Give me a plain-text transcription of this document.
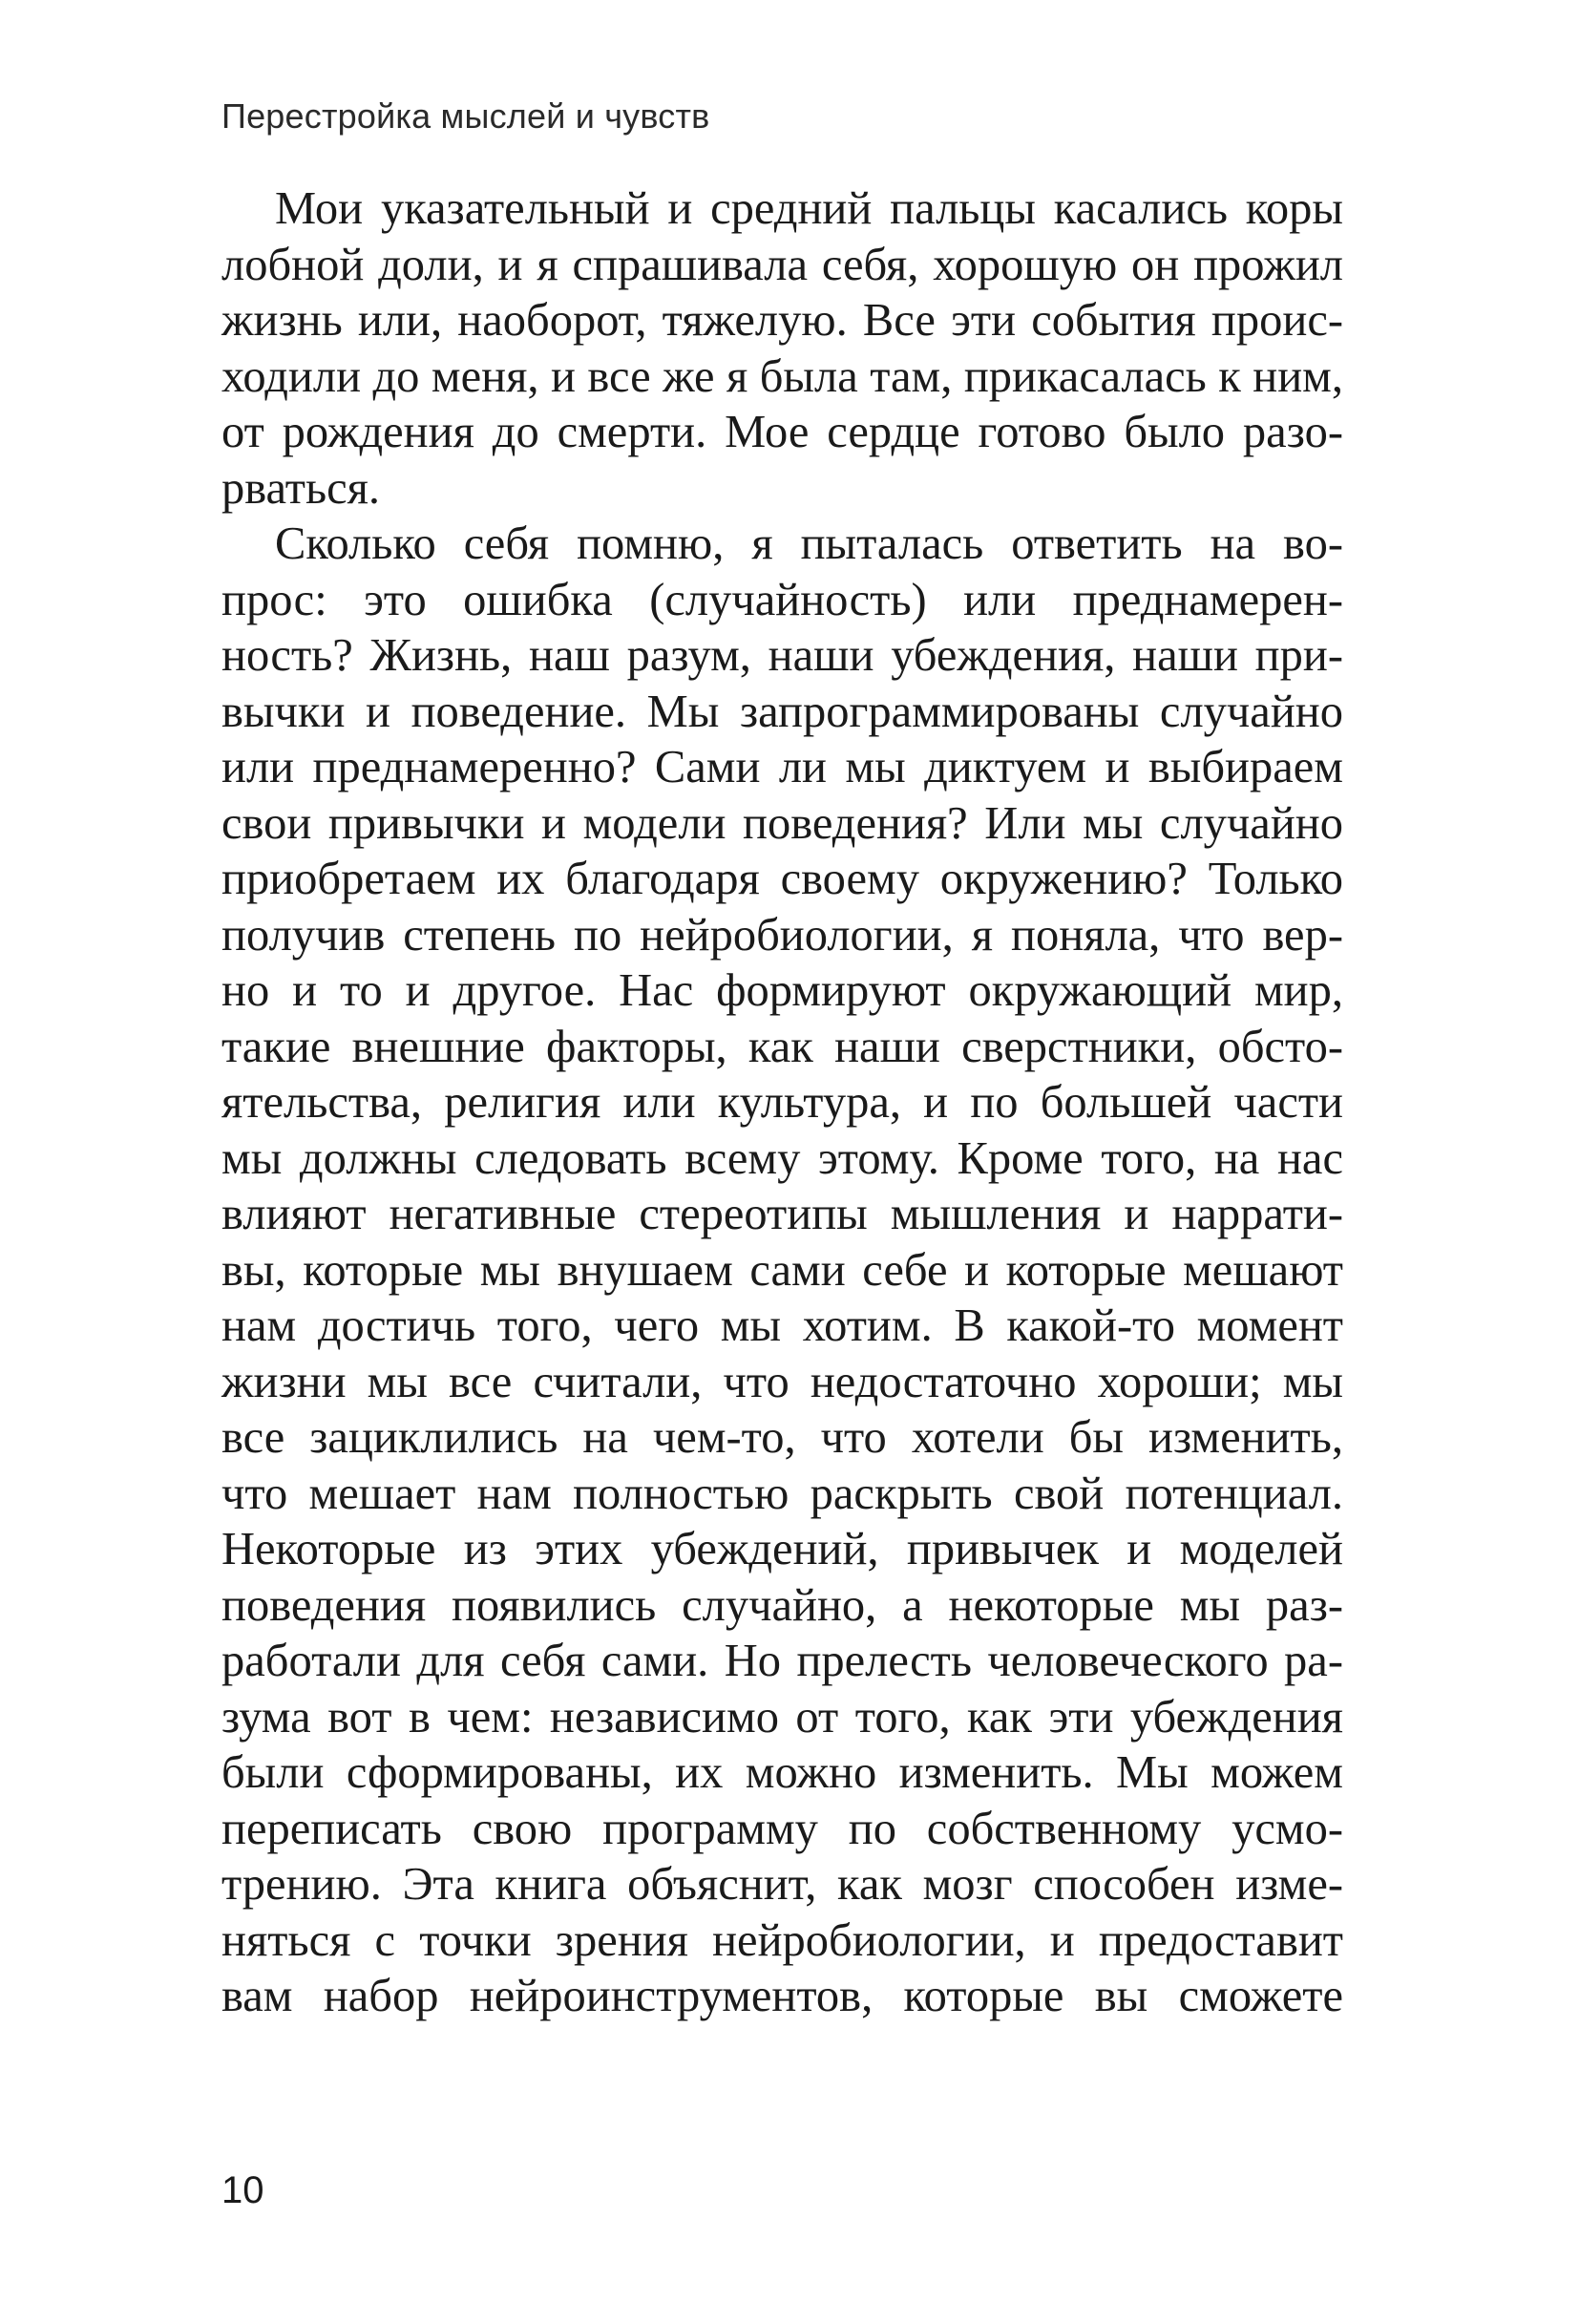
Перестройка мыслей и чувств
Мои указательный и средний пальцы касались коры
лобной доли, и я спрашивала себя, хорошую он прожил
жизнь или, наоборот, тяжелую. Все эти события проис-
ходили до меня, и все же я была там, прикасалась к ним,
от рождения до смерти. Мое сердце готово было разо-
рваться.
Сколько себя помню, я пыталась ответить на во-
прос: это ошибка (случайность) или преднамерен-
ность? Жизнь, наш разум, наши убеждения, наши при-
вычки и поведение. Мы запрограммированы случайно
или преднамеренно? Сами ли мы диктуем и выбираем
свои привычки и модели поведения? Или мы случайно
приобретаем их благодаря своему окружению? Только
получив степень по нейробиологии, я поняла, что вер-
но и то и другое. Нас формируют окружающий мир,
такие внешние факторы, как наши сверстники, обсто-
ятельства, религия или культура, и по большей части
мы должны следовать всему этому. Кроме того, на нас
влияют негативные стереотипы мышления и наррати-
вы, которые мы внушаем сами себе и которые мешают
нам достичь того, чего мы хотим. В какой-то момент
жизни мы все считали, что недостаточно хороши; мы
все зациклились на чем-то, что хотели бы изменить,
что мешает нам полностью раскрыть свой потенциал.
Некоторые из этих убеждений, привычек и моделей
поведения появились случайно, а некоторые мы раз-
работали для себя сами. Но прелесть человеческого ра-
зума вот в чем: независимо от того, как эти убеждения
были сформированы, их можно изменить. Мы можем
переписать свою программу по собственному усмо-
трению. Эта книга объяснит, как мозг способен изме-
няться с точки зрения нейробиологии, и предоставит
вам набор нейроинструментов, которые вы сможете
10
